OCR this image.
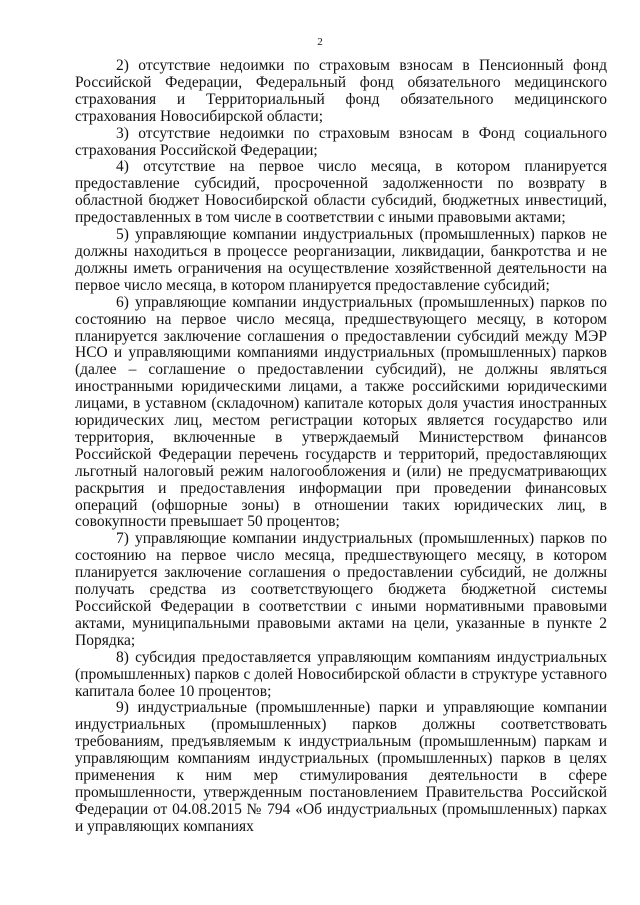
2

2) отсутствие недоимки по страховым взносам в Пенсионный фонд Российской Федерации, Федеральный фонд обязательного медицинского страхования и Территориальный фонд обязательного медицинского страхования Новосибирской области;

3) отсутствие недоимки по страховым взносам в Фонд социального страхования Российской Федерации;

4) отсутствие на первое число месяца, в котором планируется предоставление субсидий, просроченной задолженности по возврату в областной бюджет Новосибирской области субсидий, бюджетных инвестиций, предоставленных в том числе в соответствии с иными правовыми актами;

5) управляющие компании индустриальных (промышленных) парков не должны находиться в процессе реорганизации, ликвидации, банкротства и не должны иметь ограничения на осуществление хозяйственной деятельности на первое число месяца, в котором планируется предоставление субсидий;

6) управляющие компании индустриальных (промышленных) парков по состоянию на первое число месяца, предшествующего месяцу, в котором планируется заключение соглашения о предоставлении субсидий между МЭР НСО и управляющими компаниями индустриальных (промышленных) парков (далее – соглашение о предоставлении субсидий), не должны являться иностранными юридическими лицами, а также российскими юридическими лицами, в уставном (складочном) капитале которых доля участия иностранных юридических лиц, местом регистрации которых является государство или территория, включенные в утверждаемый Министерством финансов Российской Федерации перечень государств и территорий, предоставляющих льготный налоговый режим налогообложения и (или) не предусматривающих раскрытия и предоставления информации при проведении финансовых операций (офшорные зоны) в отношении таких юридических лиц, в совокупности превышает 50 процентов;

7) управляющие компании индустриальных (промышленных) парков по состоянию на первое число месяца, предшествующего месяцу, в котором планируется заключение соглашения о предоставлении субсидий, не должны получать средства из соответствующего бюджета бюджетной системы Российской Федерации в соответствии с иными нормативными правовыми актами, муниципальными правовыми актами на цели, указанные в пункте 2 Порядка;

8) субсидия предоставляется управляющим компаниям индустриальных (промышленных) парков с долей Новосибирской области в структуре уставного капитала более 10 процентов;

9) индустриальные (промышленные) парки и управляющие компании индустриальных (промышленных) парков должны соответствовать требованиям, предъявляемым к индустриальным (промышленным) паркам и управляющим компаниям индустриальных (промышленных) парков в целях применения к ним мер стимулирования деятельности в сфере промышленности, утвержденным постановлением Правительства Российской Федерации от 04.08.2015 № 794 «Об индустриальных (промышленных) парках и управляющих компаниях
